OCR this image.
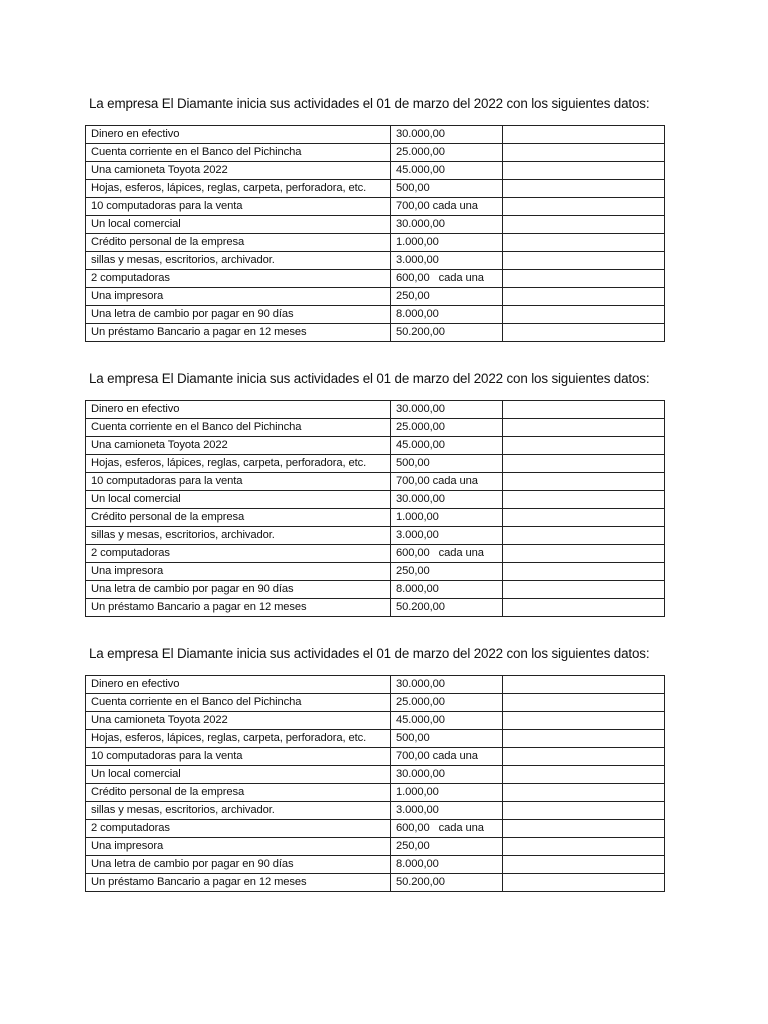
La empresa El Diamante inicia sus actividades el 01 de marzo del 2022 con los siguientes datos:

Dinero en efectivo	30.000,00	
Cuenta corriente en el Banco del Pichincha	25.000,00	
Una camioneta Toyota 2022	45.000,00	
Hojas, esferos, lápices, reglas, carpeta, perforadora, etc.	500,00	
10 computadoras para la venta	700,00 cada una	
Un local comercial	30.000,00	
Crédito personal de la empresa	1.000,00	
sillas y mesas, escritorios, archivador.	3.000,00	
2 computadoras	600,00   cada una	
Una impresora	250,00	
Una letra de cambio por pagar en 90 días	8.000,00	
Un préstamo Bancario a pagar en 12 meses	50.200,00	

La empresa El Diamante inicia sus actividades el 01 de marzo del 2022 con los siguientes datos:

Dinero en efectivo	30.000,00	
Cuenta corriente en el Banco del Pichincha	25.000,00	
Una camioneta Toyota 2022	45.000,00	
Hojas, esferos, lápices, reglas, carpeta, perforadora, etc.	500,00	
10 computadoras para la venta	700,00 cada una	
Un local comercial	30.000,00	
Crédito personal de la empresa	1.000,00	
sillas y mesas, escritorios, archivador.	3.000,00	
2 computadoras	600,00   cada una	
Una impresora	250,00	
Una letra de cambio por pagar en 90 días	8.000,00	
Un préstamo Bancario a pagar en 12 meses	50.200,00	

La empresa El Diamante inicia sus actividades el 01 de marzo del 2022 con los siguientes datos:

Dinero en efectivo	30.000,00	
Cuenta corriente en el Banco del Pichincha	25.000,00	
Una camioneta Toyota 2022	45.000,00	
Hojas, esferos, lápices, reglas, carpeta, perforadora, etc.	500,00	
10 computadoras para la venta	700,00 cada una	
Un local comercial	30.000,00	
Crédito personal de la empresa	1.000,00	
sillas y mesas, escritorios, archivador.	3.000,00	
2 computadoras	600,00   cada una	
Una impresora	250,00	
Una letra de cambio por pagar en 90 días	8.000,00	
Un préstamo Bancario a pagar en 12 meses	50.200,00	
